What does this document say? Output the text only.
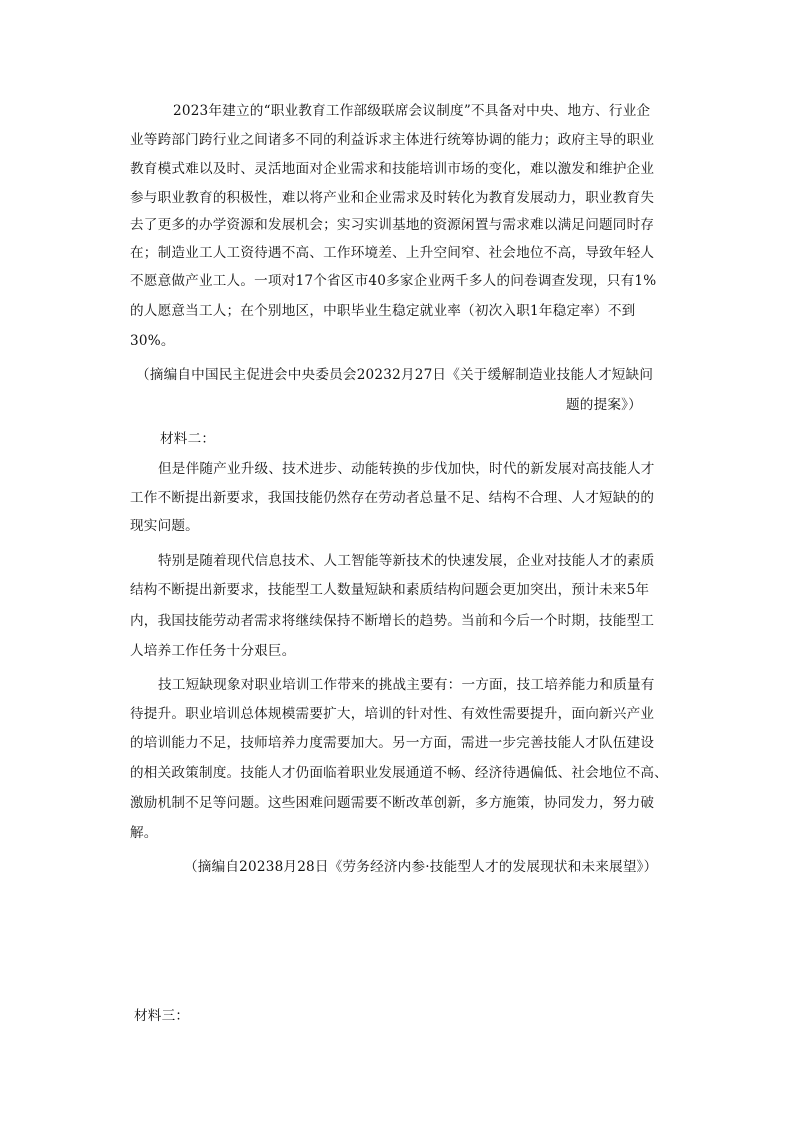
2023年建立的“职业教育工作部级联席会议制度”不具备对中央、地方、行业企
业等跨部门跨行业之间诸多不同的利益诉求主体进行统筹协调的能力；政府主导的职业
教育模式难以及时、灵活地面对企业需求和技能培训市场的变化，难以激发和维护企业
参与职业教育的积极性，难以将产业和企业需求及时转化为教育发展动力，职业教育失
去了更多的办学资源和发展机会；实习实训基地的资源闲置与需求难以满足问题同时存
在；制造业工人工资待遇不高、工作环境差、上升空间窄、社会地位不高，导致年轻人
不愿意做产业工人。一项对17个省区市40多家企业两千多人的问卷调查发现，只有1%
的人愿意当工人；在个别地区，中职毕业生稳定就业率（初次入职1年稳定率）不到
30%。
（摘编自中国民主促进会中央委员会20232月27日《关于缓解制造业技能人才短缺问
题的提案》）
材料二：
但是伴随产业升级、技术进步、动能转换的步伐加快，时代的新发展对高技能人才
工作不断提出新要求，我国技能仍然存在劳动者总量不足、结构不合理、人才短缺的的
现实问题。
特别是随着现代信息技术、人工智能等新技术的快速发展，企业对技能人才的素质
结构不断提出新要求，技能型工人数量短缺和素质结构问题会更加突出，预计未来5年
内，我国技能劳动者需求将继续保持不断增长的趋势。当前和今后一个时期，技能型工
人培养工作任务十分艰巨。
技工短缺现象对职业培训工作带来的挑战主要有：一方面，技工培养能力和质量有
待提升。职业培训总体规模需要扩大，培训的针对性、有效性需要提升，面向新兴产业
的培训能力不足，技师培养力度需要加大。另一方面，需进一步完善技能人才队伍建设
的相关政策制度。技能人才仍面临着职业发展通道不畅、经济待遇偏低、社会地位不高、
激励机制不足等问题。这些困难问题需要不断改革创新，多方施策，协同发力，努力破
解。
（摘编自20238月28日《劳务经济内参·技能型人才的发展现状和未来展望》）
材料三：
